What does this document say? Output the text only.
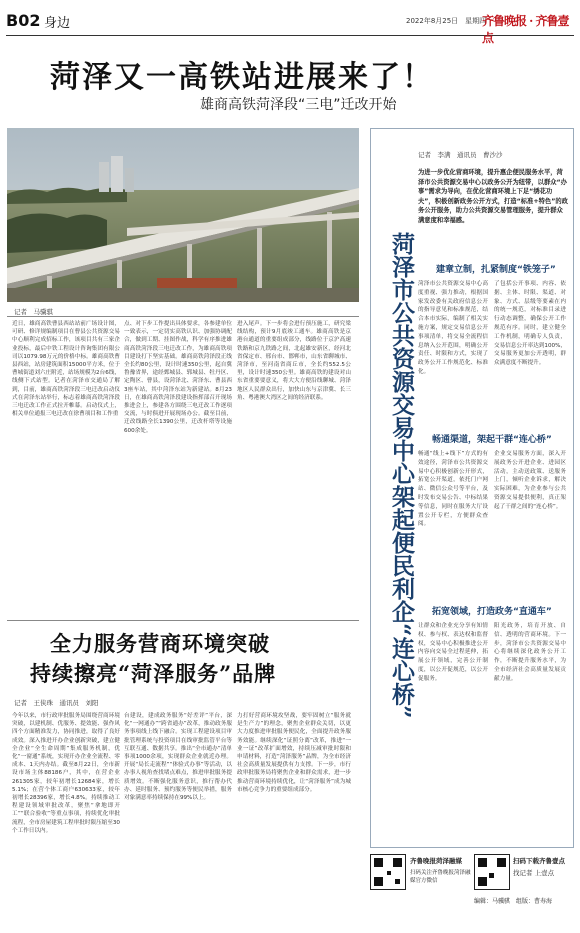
B02 身边	2022年8月25日　星期四
齐鲁晚报 · 齐鲁壹点
菏泽又一高铁站进展来了！
雄商高铁菏泽段“三电”迁改开始
记者　马骥骐
近日，雄商高铁曹县西站站前广场设计图，可研、修详规编制项目在曹县公共资源交易中心顺利完成招标工作，该项目共有三家企业投标，最后中铁工程设计咨询集团有限公司以1079.98万元的价格中标。雄商高铁曹县西站，站房建筑面积15000平方米，位于曹城街道刘六庄附近，站场规模为2台6线，线侧下式站型。记者在菏泽市交通局了解到，目前，雄商高铁菏泽段三电迁改启动仪式在菏泽东站举行，标志着雄商高铁菏泽段三电迁改工作正式拉开帷幕。启动仪式上，相关单位通报三电迁改在徐曹项目和工作重
点、对下步工作提出具体要求，各参建单位一致表示，一定切实高铁认识、加强协调配合，做到工期、挂图作战，科学有序推进雄商高铁菏泽段三电迁改工作，为雄商高铁项目建设打下坚实基础。雄商高铁菏泽段正线全长约80公里，设计时速350公里，起自冀鲁豫省界，途经鄄城县、郓城县、牡丹区、定陶区、曹县，设菏泽北、菏泽东、曹县西3座车站，其中菏泽东站为新建站。8月23日，在雄商高铁菏泽段建设指挥部召开现场推进会上，参建各方围绕三电迁改工作逐项交流，与时俱进开展现场办公。截至目前，迁改线路全长1390公里，迁改杆塔等设施600余处。
进入尾声。下一步将会进行预压施工，研究梁线结构，预计9月底竣工通车。雄商高铁是京港台通道的重要组成部分，线路位于京沪高速铁路和京九铁路之间，北起雄安新区，经河北省保定市、邢台市、邯郸市，山东省聊城市、菏泽市，至河南省商丘市，全长约552.5公里，设计时速350公里。雄商高铁的建设对山东省重要要意义，将大大方便沿线聊城、菏泽地区人民群众出行，加快山东与京津冀、长三角、粤港澳大湾区之间的经济联系。
全力服务营商环境突破
持续擦亮“菏泽服务”品牌
记者　王侠珠　通讯员　刘阳
今年以来，市行政审批服务局围绕营商环境突破，以建机制、优服务、提效能、强作风四个方面精准发力，协同推进，取得了良好成效。深入推进开办企业创新突破，建立健全企业“全生命周期”集成服务机制，优化“一窗通”系统，实现开办企业全流程、零成本、1天内办结。截至8月22日，全市新设市场主体88186户，其中，在营企业261305家，较年初增长12684家，增长5.1%；在营个体工商户630633家，较年初增长28396家，增长4.8%。持续推动工程建设领域审批改革，聚焦“拿地即开工”“联合验收”等重点事项，持续优化审批流程，全市房屋建筑工程审批时限压缩至30个工作日以内。
台建设，建成政务服务“好差评”平台，深化“一网通办”“跨省通办”改革，推动政务服务事项线上线下融合。实现工程建设项目审批管理系统与投资项目在线审批监管平台等互联互通、数据共享。推出“全市通办”清单事项1000余项，实现群众企业就近办理。开展“局长走流程”“体验式办事”等活动，以办事人视角查找堵点难点，推进审批服务提质增效。不断强化服务意识，推行帮办代办、延时服务、预约服务等便民举措，服务对象满意率持续保持在99%以上。
力打好营商环境攻坚战，要牢固树立“服务就是生产力”的理念，聚焦企业群众关切，以更大力度推进审批服务便民化，全面提升政务服务效能。继续深化“证照分离”改革，推进“一业一证”改革扩面增效，持续压减审批时限和申请材料，打造“菏泽服务”品牌，为全市经济社会高质量发展提供有力支撑。下一步，市行政审批服务局将聚焦企业和群众需求，进一步推动营商环境持续优化，让“菏泽服务”成为城市核心竞争力的重要组成部分。
记者　李满　通讯员　曹沙沙
为进一步优化营商环境，提升惠企便民服务水平，菏泽市公共资源交易中心以政务公开为纽带，以群众“办事”需求为导向，在优化营商环境上下足“绣花功夫”，积极创新政务公开方式，打造“标准+特色”的政务公开服务，助力公共资源交易管理服务，提升群众满意度和幸福感。
菏泽市公共资源交易中心架起便民利企“连心桥” 建章立制，扎紧制度“铁笼子”
菏泽市公共资源交易中心高度重视、强力推动，根据国家发改委有关政府信息公开的指导意见和标准规范，结合本市实际，编制了相关实施方案，规定交易信息公开事项清单，将交易全流程信息纳入公开范围，明确公开责任、时限和方式，实现了政务公开工作规范化、标准化。
了包括公开事项、内容、依据、主体、时限、渠道、对象、方式、层级等要素在内的统一规范，对标准目录进行动态调整，确保公开工作规范有序。同时，建立健全工作机制，明确专人负责，交易信息公开率达到100%，交易服务更加公开透明，群众满意度不断提升。
畅通渠道，架起干群“连心桥”
畅通“线上+线下”方式的有效途径，菏泽市公共资源交易中心积极创新公开形式，拓宽公开渠道，依托门户网站、微信公众号等平台，及时发布交易公告、中标结果等信息，同时在服务大厅设置公开专栏，方便群众查阅。
企业交易服务方面，深入开展政务公开进企业、进园区活动，主动送政策、送服务上门，倾听企业诉求，解决实际困难，为企业参与公共资源交易提供便利，真正架起了干群之间的“连心桥”。
拓宽领域，打造政务“直通车”
让群众和企业充分享有知情权、参与权、表达权和监督权，交易中心积极推进公开内容向交易全过程延伸，拓展公开领域，完善公开制度，以公开促规范，以公开促服务。
阳光政务，培育开放、自信、透明的营商环境。下一步，菏泽市公共资源交易中心将继续深化政务公开工作，不断提升服务水平，为全市经济社会高质量发展贡献力量。
齐鲁晚报菏泽融媒
扫码关注齐鲁晚报菏泽融媒官方微信
扫码下载齐鲁壹点
找记者 上壹点
编辑：马骥骐　组版：曹寿海
